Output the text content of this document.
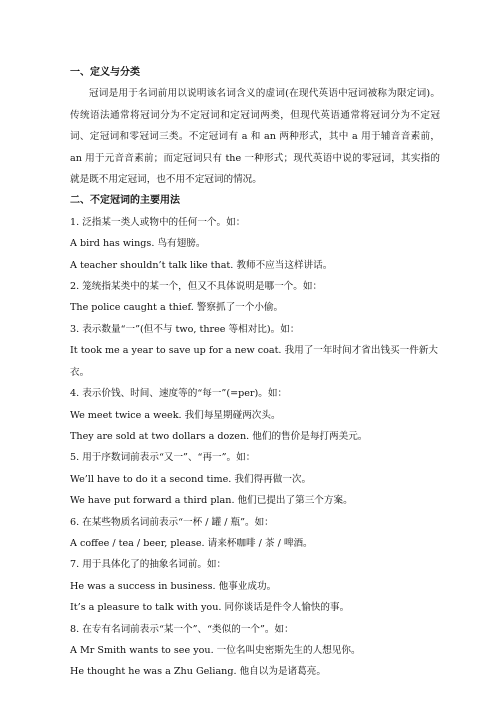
一、定义与分类

冠词是用于名词前用以说明该名词含义的虚词(在现代英语中冠词被称为限定词)。传统语法通常将冠词分为不定冠词和定冠词两类，但现代英语通常将冠词分为不定冠词、定冠词和零冠词三类。不定冠词有 a 和 an 两种形式，其中 a 用于辅音音素前，an 用于元音音素前；而定冠词只有 the 一种形式；现代英语中说的零冠词，其实指的就是既不用定冠词，也不用不定冠词的情况。

二、不定冠词的主要用法

1. 泛指某一类人或物中的任何一个。如：

A bird has wings. 鸟有翅膀。

A teacher shouldn’t talk like that. 教师不应当这样讲话。

2. 笼统指某类中的某一个，但又不具体说明是哪一个。如：

The police caught a thief. 警察抓了一个小偷。

3. 表示数量“一”(但不与 two, three 等相对比)。如：

It took me a year to save up for a new coat. 我用了一年时间才省出钱买一件新大衣。

4. 表示价钱、时间、速度等的“每一”(=per)。如：

We meet twice a week. 我们每星期碰两次头。

They are sold at two dollars a dozen. 他们的售价是每打两美元。

5. 用于序数词前表示“又一”、“再一”。如：

We’ll have to do it a second time. 我们得再做一次。

We have put forward a third plan. 他们已提出了第三个方案。

6. 在某些物质名词前表示“一杯 / 罐 / 瓶”。如：

A coffee / tea / beer, please. 请来杯咖啡 / 茶 / 啤酒。

7. 用于具体化了的抽象名词前。如：

He was a success in business. 他事业成功。

It’s a pleasure to talk with you. 同你谈话是件令人愉快的事。

8. 在专有名词前表示“某一个”、“类似的一个”。如：

A Mr Smith wants to see you. 一位名叫史密斯先生的人想见你。

He thought he was a Zhu Geliang. 他自以为是诸葛亮。
